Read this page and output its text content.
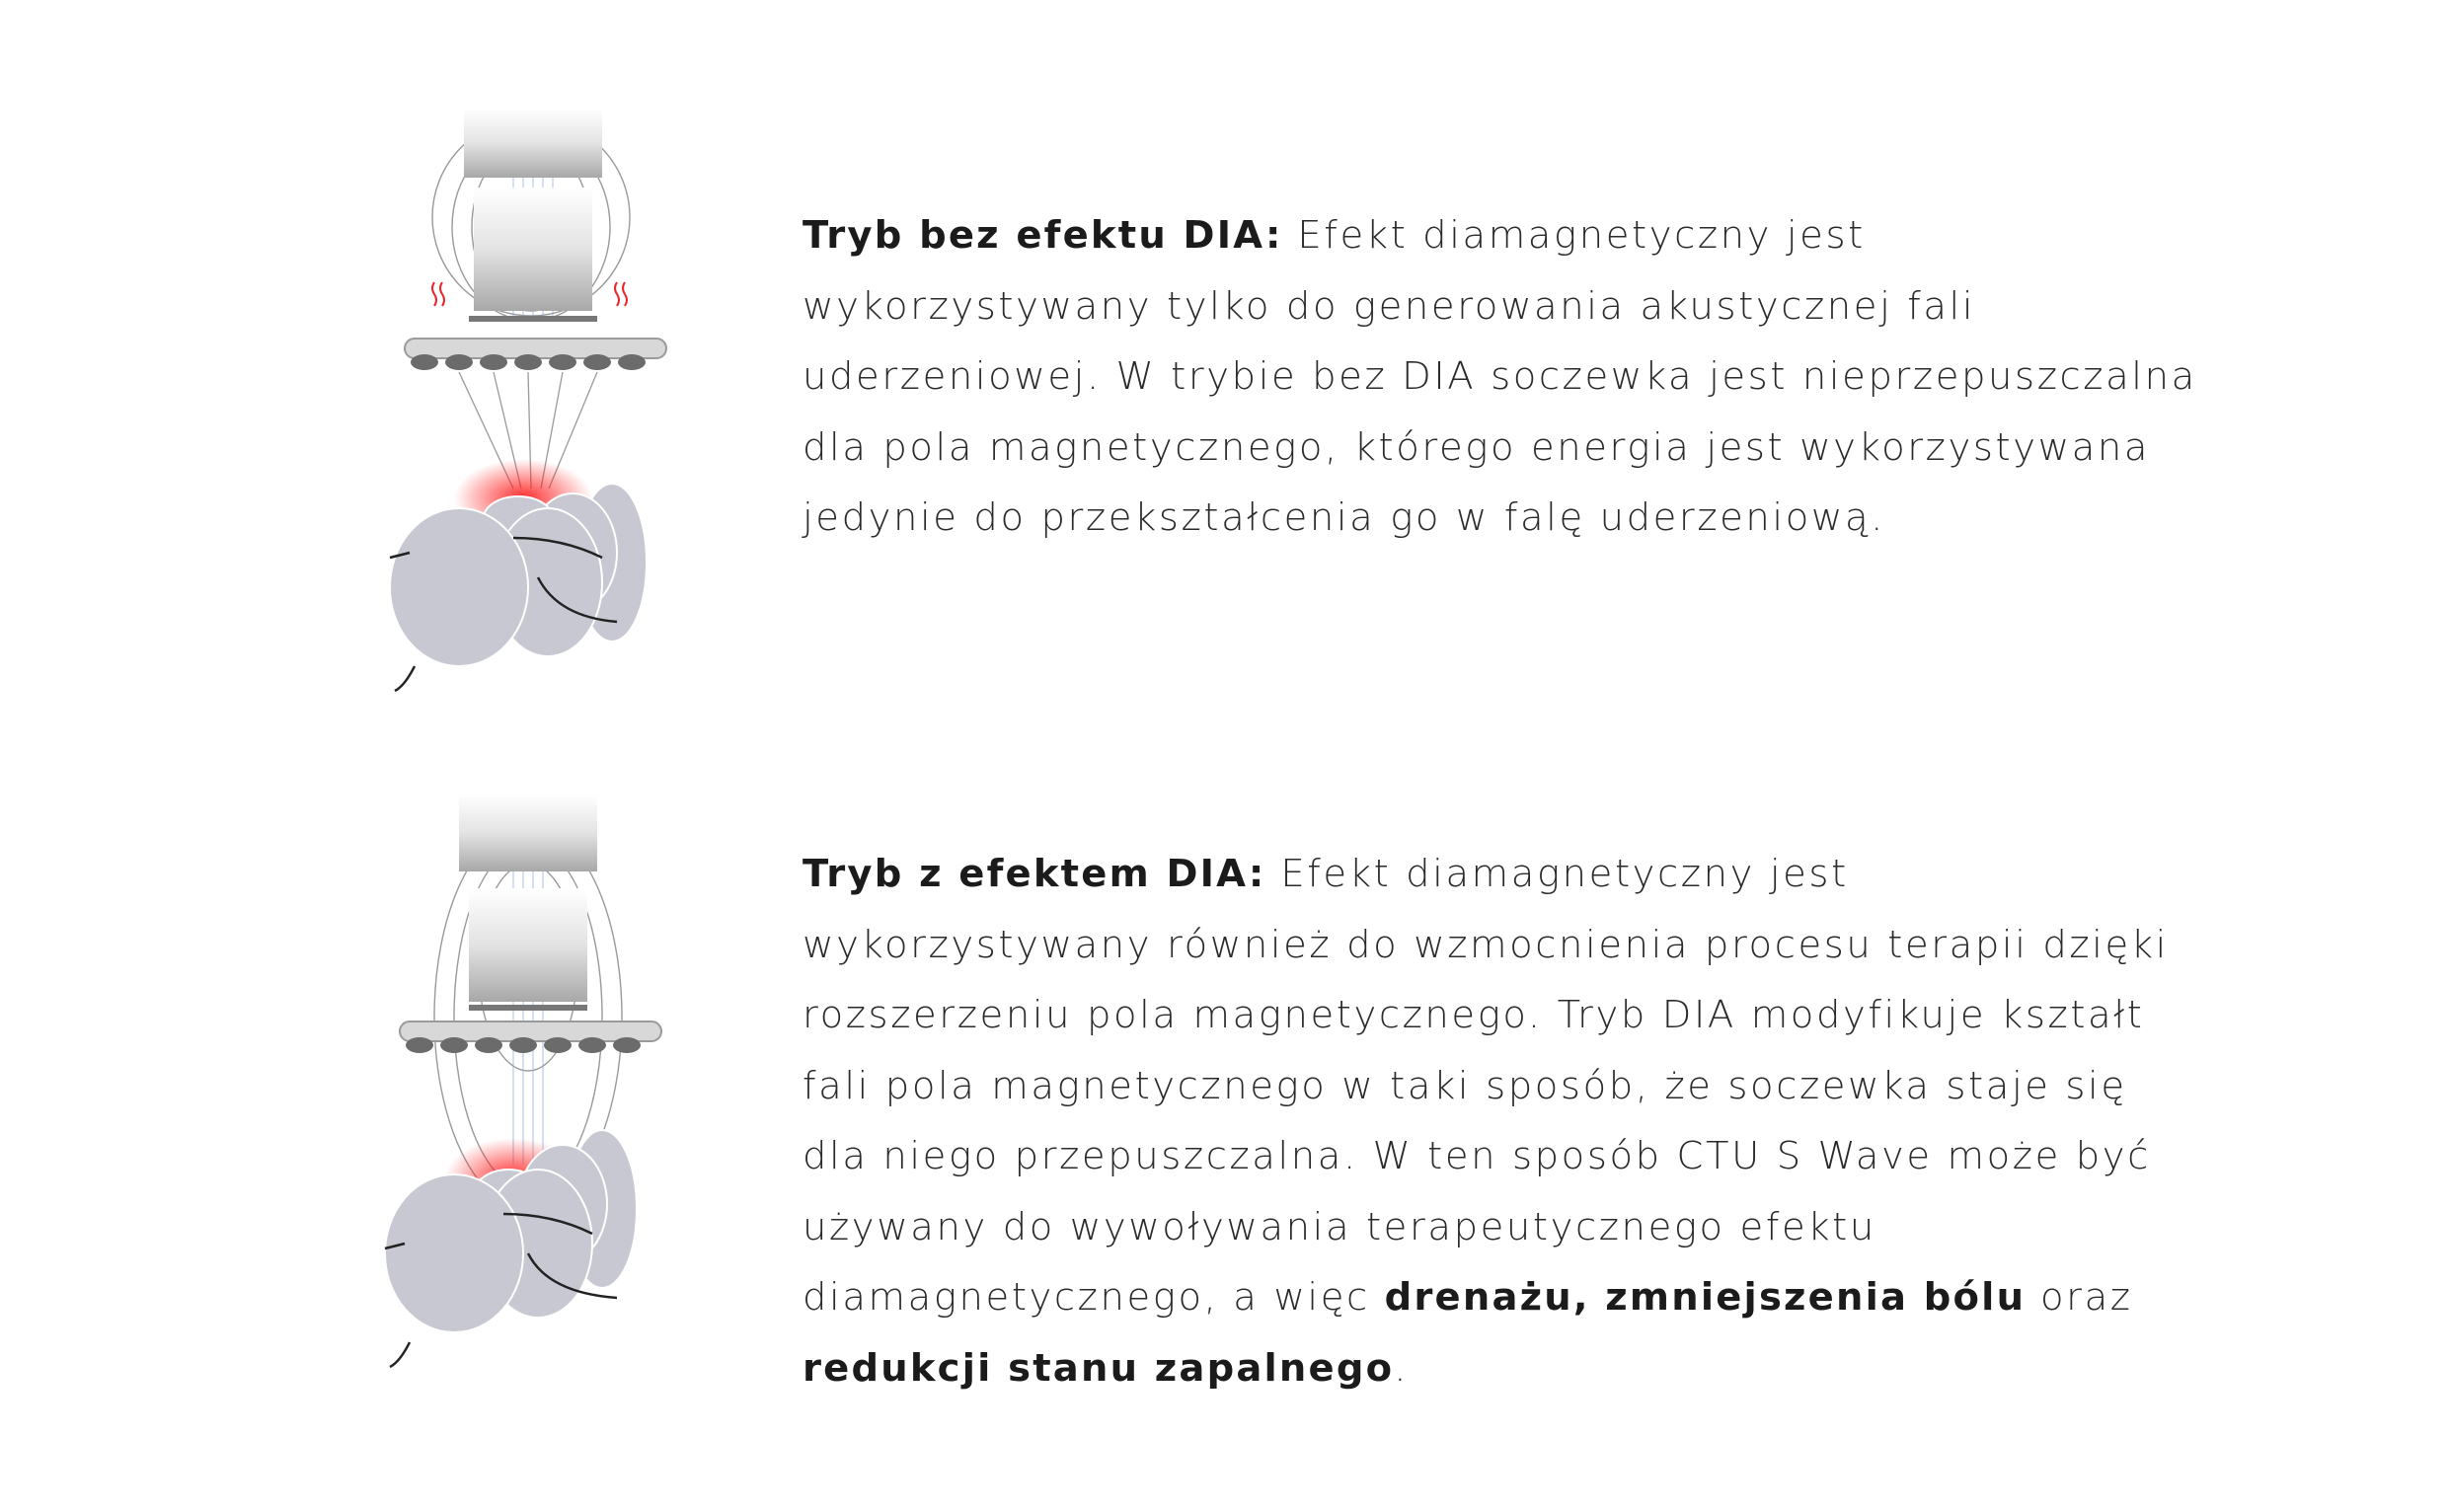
Tryb bez efektu DIA: Efekt diamagnetyczny jest wykorzystywany tylko do generowania akustycznej fali uderzeniowej. W trybie bez DIA soczewka jest nieprzepuszczalna dla pola magnetycznego, którego energia jest wykorzystywana jedynie do przekształcenia go w falę uderzeniową.
Tryb z efektem DIA: Efekt diamagnetyczny jest wykorzystywany również do wzmocnienia procesu terapii dzięki rozszerzeniu pola magnetycznego. Tryb DIA modyfikuje kształt fali pola magnetycznego w taki sposób, że soczewka staje się dla niego przepuszczalna. W ten sposób CTU S Wave może być używany do wywoływania terapeutycznego efektu diamagnetycznego, a więc drenażu, zmniejszenia bólu oraz redukcji stanu zapalnego.
